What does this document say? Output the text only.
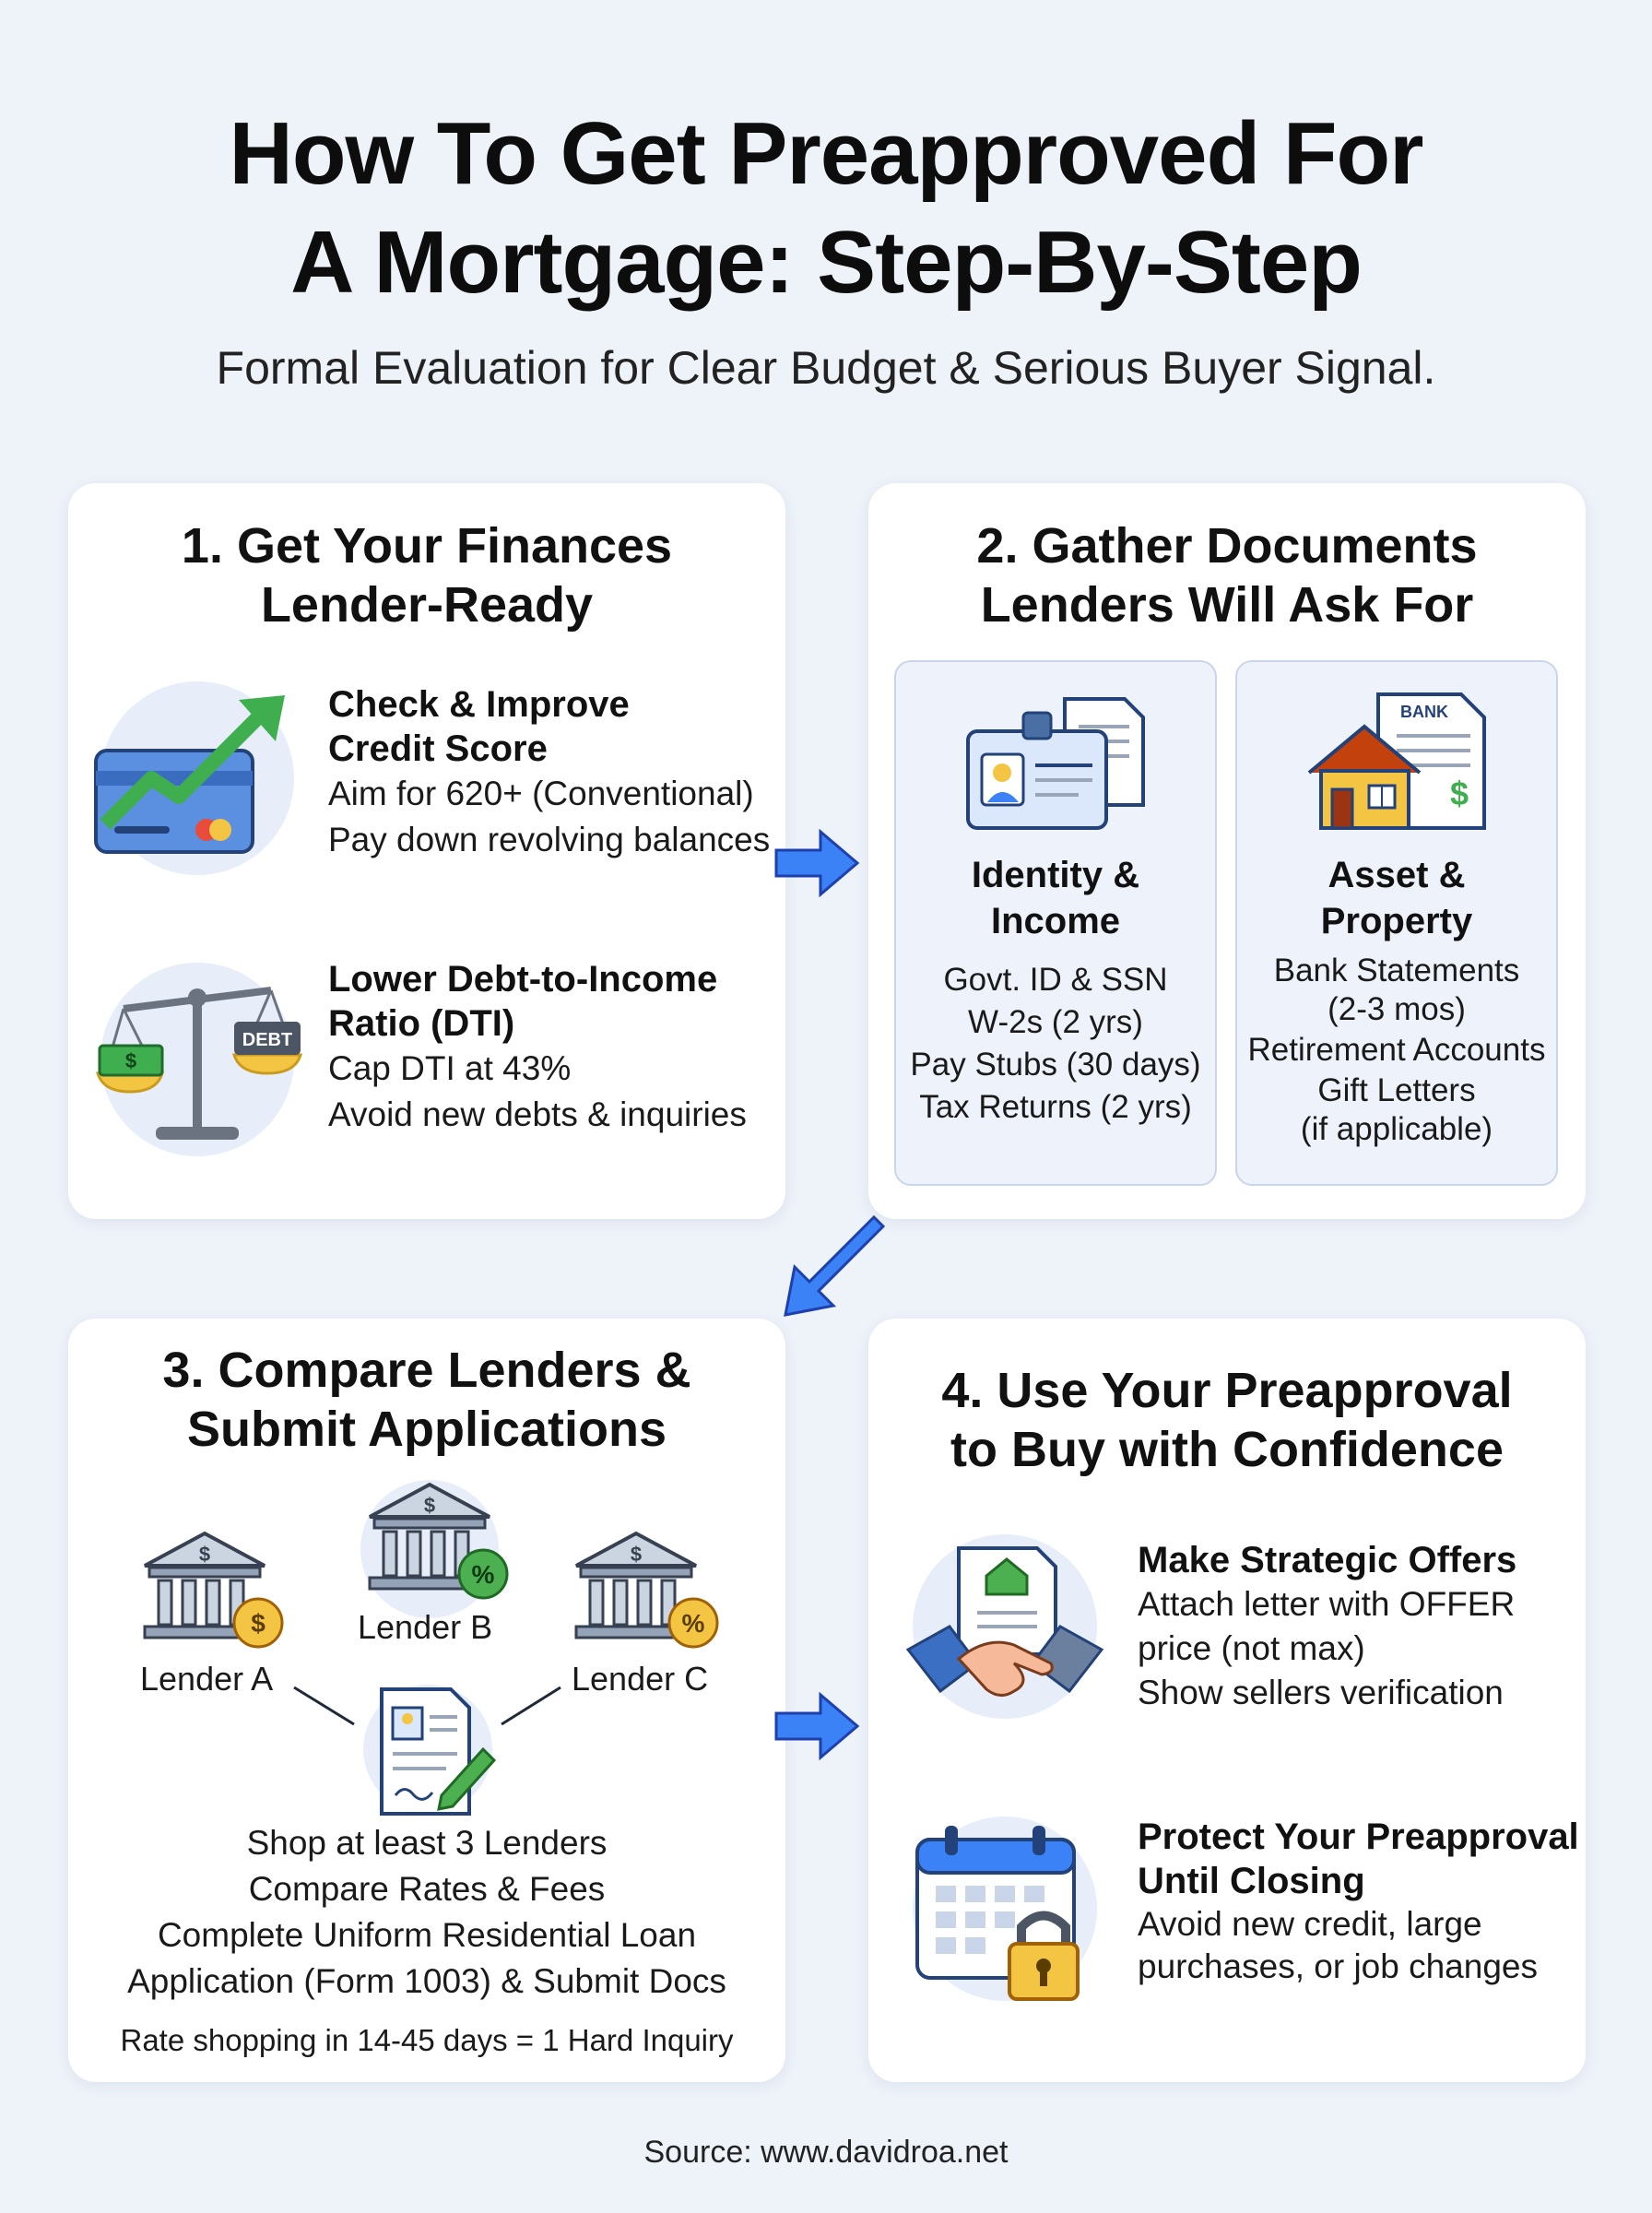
How To Get Preapproved For
A Mortgage: Step-By-Step
Formal Evaluation for Clear Budget & Serious Buyer Signal.
1. Get Your Finances
Lender-Ready
Check & Improve
Credit Score
Aim for 620+ (Conventional)
Pay down revolving balances
$
DEBT
Lower Debt-to-Income
Ratio (DTI)
Cap DTI at 43%
Avoid new debts & inquiries
2. Gather Documents
Lenders Will Ask For
Identity &
Income
Govt. ID & SSN
W-2s (2 yrs)
Pay Stubs (30 days)
Tax Returns (2 yrs)
BANK
$
Asset &
Property
Bank Statements
(2-3 mos)
Retirement Accounts
Gift Letters
(if applicable)
3. Compare Lenders &
Submit Applications
$
$
Lender A
$
%
Lender B
$
%
Lender C
Shop at least 3 Lenders
Compare Rates & Fees
Complete Uniform Residential Loan
Application (Form 1003) & Submit Docs
Rate shopping in 14-45 days = 1 Hard Inquiry
4. Use Your Preapproval
to Buy with Confidence
Make Strategic Offers
Attach letter with OFFER
price (not max)
Show sellers verification
Protect Your Preapproval
Until Closing
Avoid new credit, large
purchases, or job changes
Source: www.davidroa.net
